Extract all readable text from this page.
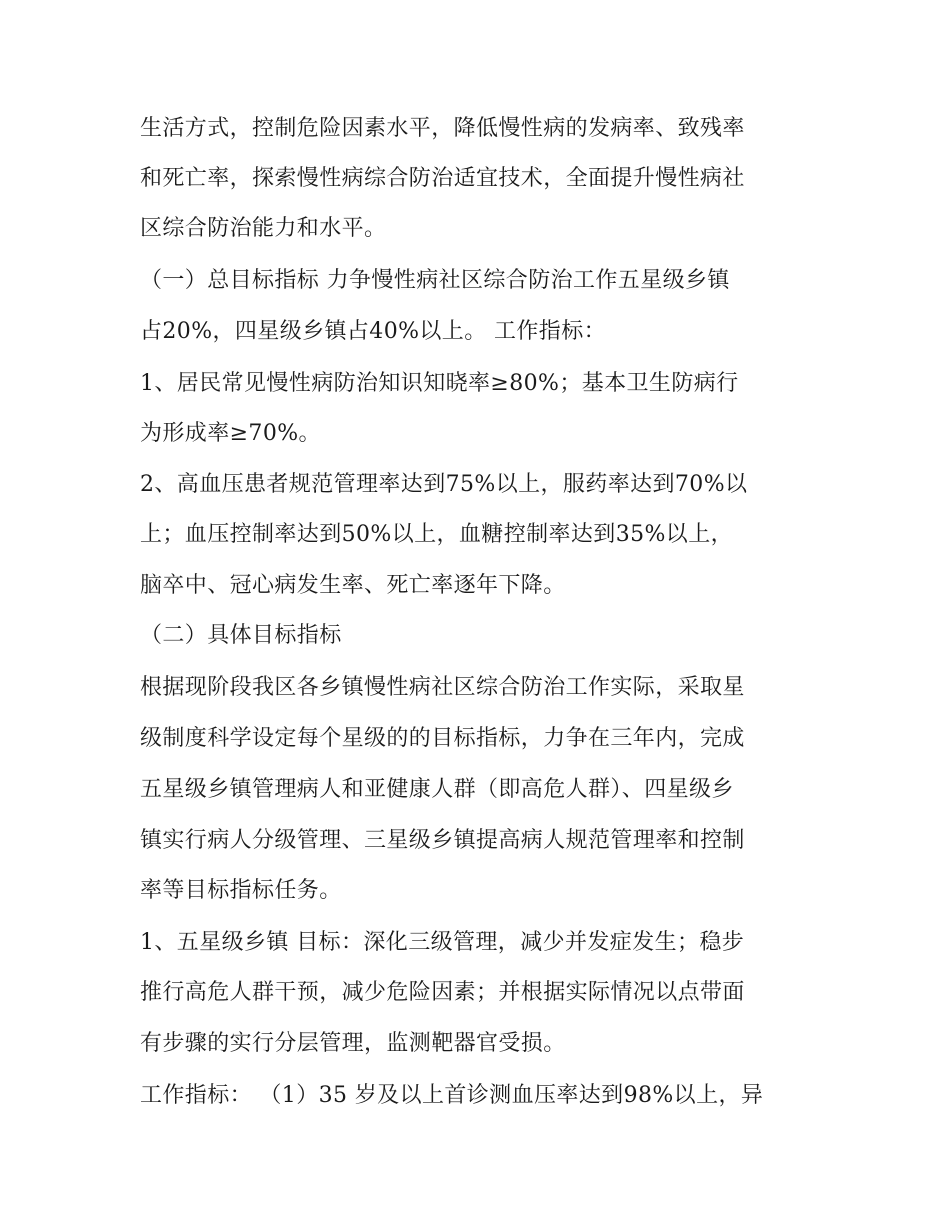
生活方式，控制危险因素水平，降低慢性病的发病率、致残率
和死亡率，探索慢性病综合防治适宜技术，全面提升慢性病社
区综合防治能力和水平。
（一）总目标指标 力争慢性病社区综合防治工作五星级乡镇
占20%，四星级乡镇占40%以上。 工作指标：
1、居民常见慢性病防治知识知晓率≥80%；基本卫生防病行
为形成率≥70%。
2、高血压患者规范管理率达到75%以上，服药率达到70%以
上；血压控制率达到50%以上，血糖控制率达到35%以上，
脑卒中、冠心病发生率、死亡率逐年下降。
（二）具体目标指标
根据现阶段我区各乡镇慢性病社区综合防治工作实际，采取星
级制度科学设定每个星级的的目标指标，力争在三年内，完成
五星级乡镇管理病人和亚健康人群（即高危人群）、四星级乡
镇实行病人分级管理、三星级乡镇提高病人规范管理率和控制
率等目标指标任务。
1、五星级乡镇 目标：深化三级管理，减少并发症发生；稳步
推行高危人群干预，减少危险因素；并根据实际情况以点带面
有步骤的实行分层管理，监测靶器官受损。
工作指标： （1）35 岁及以上首诊测血压率达到98%以上，异
